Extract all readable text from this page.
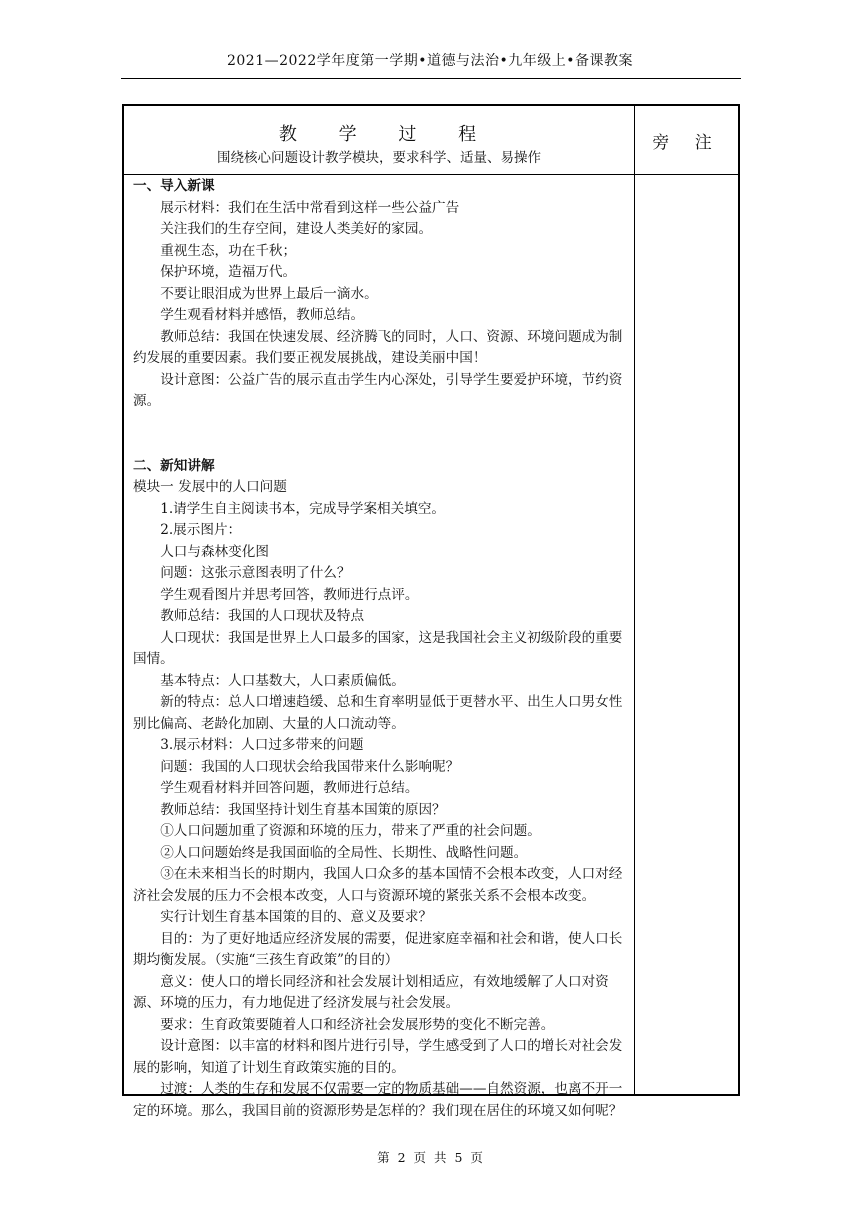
2021—2022学年度第一学期•道德与法治•九年级上•备课教案
教 学 过 程
围绕核心问题设计教学模块，要求科学、适量、易操作
旁 注

一、导入新课

展示材料：我们在生活中常看到这样一些公益广告

关注我们的生存空间，建设人类美好的家园。

重视生态，功在千秋；

保护环境，造福万代。

不要让眼泪成为世界上最后一滴水。

学生观看材料并感悟，教师总结。

教师总结：我国在快速发展、经济腾飞的同时，人口、资源、环境问题成为制约发展的重要因素。我们要正视发展挑战，建设美丽中国！

设计意图：公益广告的展示直击学生内心深处，引导学生要爱护环境，节约资源。

二、新知讲解

模块一 发展中的人口问题

1.请学生自主阅读书本，完成导学案相关填空。

2.展示图片：

人口与森林变化图

问题：这张示意图表明了什么？

学生观看图片并思考回答，教师进行点评。

教师总结：我国的人口现状及特点

人口现状：我国是世界上人口最多的国家，这是我国社会主义初级阶段的重要国情。

基本特点：人口基数大，人口素质偏低。

新的特点：总人口增速趋缓、总和生育率明显低于更替水平、出生人口男女性别比偏高、老龄化加剧、大量的人口流动等。

3.展示材料：人口过多带来的问题

问题：我国的人口现状会给我国带来什么影响呢？

学生观看材料并回答问题，教师进行总结。

教师总结：我国坚持计划生育基本国策的原因？

①人口问题加重了资源和环境的压力，带来了严重的社会问题。

②人口问题始终是我国面临的全局性、长期性、战略性问题。

③在未来相当长的时期内，我国人口众多的基本国情不会根本改变，人口对经济社会发展的压力不会根本改变，人口与资源环境的紧张关系不会根本改变。

实行计划生育基本国策的目的、意义及要求？

目的：为了更好地适应经济发展的需要，促进家庭幸福和社会和谐，使人口长期均衡发展。（实施“三孩生育政策”的目的）

意义：使人口的增长同经济和社会发展计划相适应，有效地缓解了人口对资源、环境的压力，有力地促进了经济发展与社会发展。

要求：生育政策要随着人口和经济社会发展形势的变化不断完善。

设计意图：以丰富的材料和图片进行引导，学生感受到了人口的增长对社会发展的影响，知道了计划生育政策实施的目的。

过渡：人类的生存和发展不仅需要一定的物质基础——自然资源，也离不开一定的环境。那么，我国目前的资源形势是怎样的？我们现在居住的环境又如何呢？

第 2 页 共 5 页
